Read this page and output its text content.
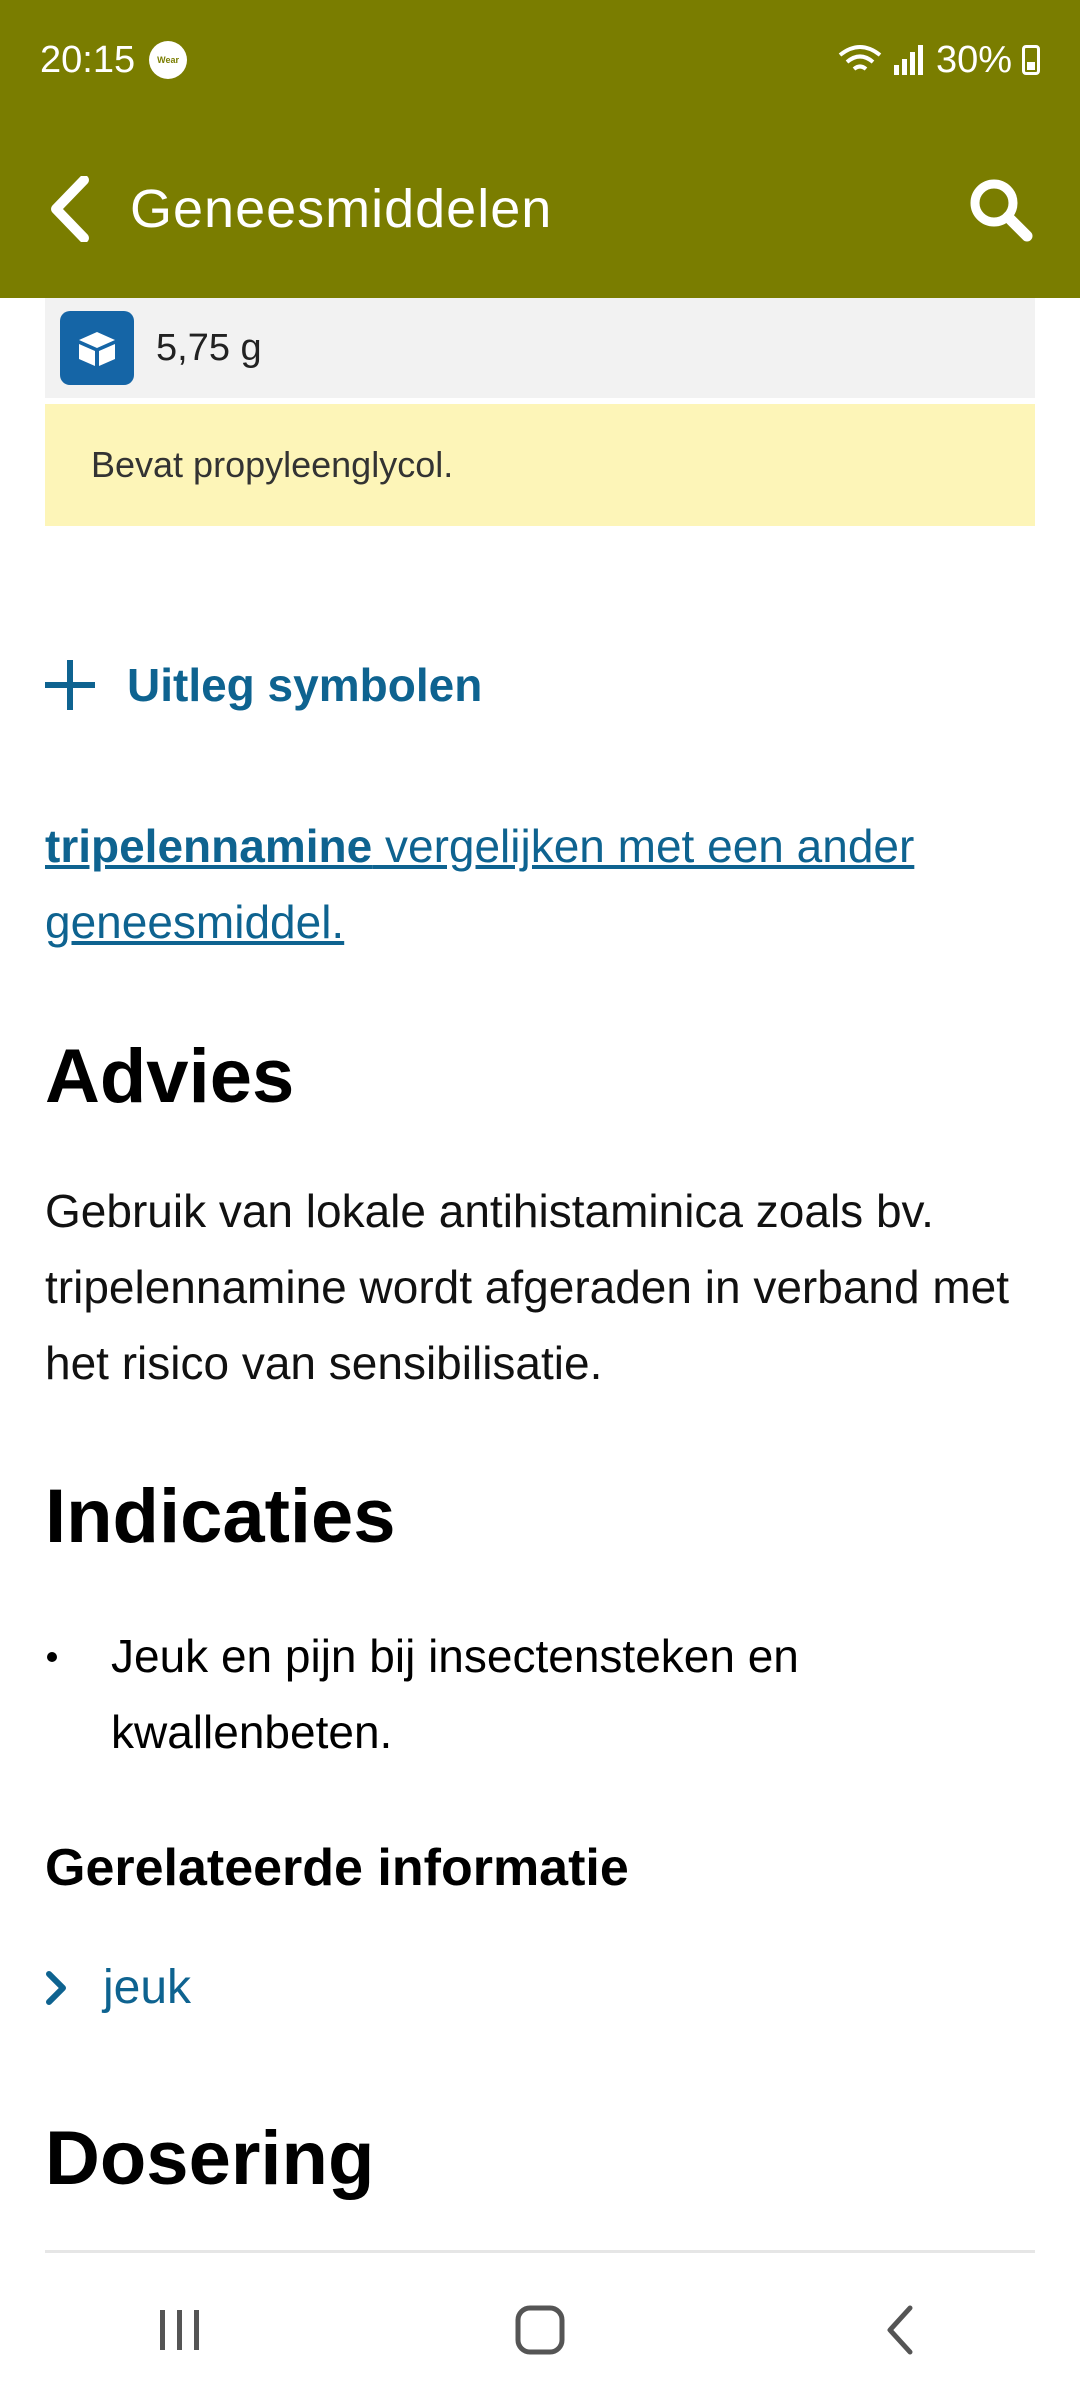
20:15	Wear	30%
Geneesmiddelen
5,75 g
Bevat propyleenglycol.
Uitleg symbolen
tripelennamine vergelijken met een ander geneesmiddel.
Advies

Gebruik van lokale antihistaminica zoals bv. tripelennamine wordt afgeraden in verband met het risico van sensibilisatie.

Indicaties
Jeuk en pijn bij insectensteken en kwallenbeten.
Gerelateerde informatie
jeuk
Dosering
